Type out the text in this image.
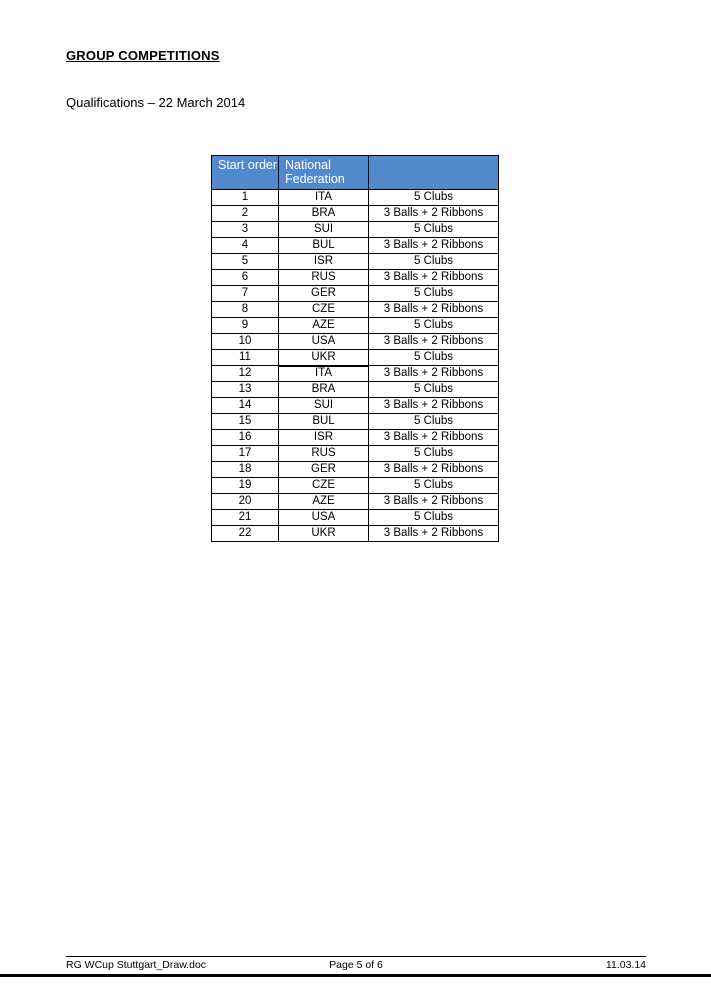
GROUP COMPETITIONS
Qualifications – 22 March 2014
Start order	National Federation	
1	ITA	5 Clubs
2	BRA	3 Balls + 2 Ribbons
3	SUI	5 Clubs
4	BUL	3 Balls + 2 Ribbons
5	ISR	5 Clubs
6	RUS	3 Balls + 2 Ribbons
7	GER	5 Clubs
8	CZE	3 Balls + 2 Ribbons
9	AZE	5 Clubs
10	USA	3 Balls + 2 Ribbons
11	UKR	5 Clubs
12	ITA	3 Balls + 2 Ribbons
13	BRA	5 Clubs
14	SUI	3 Balls + 2 Ribbons
15	BUL	5 Clubs
16	ISR	3 Balls + 2 Ribbons
17	RUS	5 Clubs
18	GER	3 Balls + 2 Ribbons
19	CZE	5 Clubs
20	AZE	3 Balls + 2 Ribbons
21	USA	5 Clubs
22	UKR	3 Balls + 2 Ribbons
RG WCup Stuttgart_Draw.doc	Page 5 of 6	11.03.14
